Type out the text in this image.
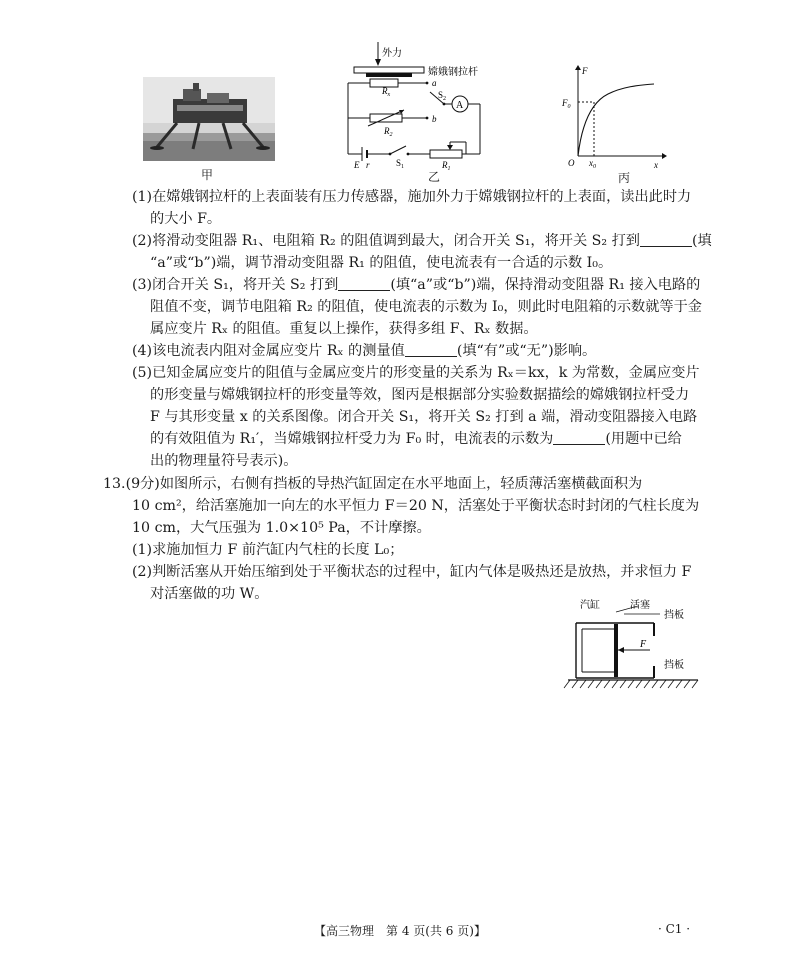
甲
外力
嫦娥钢拉杆
$R_x$
a
$R_2$
b
$S_2$
A
E r	$S_1$	$R_1$
乙
F
x
O
$F_0$
$x_0$
丙
(1)在嫦娥钢拉杆的上表面装有压力传感器，施加外力于嫦娥钢拉杆的上表面，读出此时力
的大小 F。
(2)将滑动变阻器 R₁、电阻箱 R₂ 的阻值调到最大，闭合开关 S₁，将开关 S₂ 打到	(填
“a”或“b”)端，调节滑动变阻器 R₁ 的阻值，使电流表有一合适的示数 I₀。
(3)闭合开关 S₁，将开关 S₂ 打到	(填“a”或“b”)端，保持滑动变阻器 R₁ 接入电路的
阻值不变，调节电阻箱 R₂ 的阻值，使电流表的示数为 I₀，则此时电阻箱的示数就等于金
属应变片 Rₓ 的阻值。重复以上操作，获得多组 F、Rₓ 数据。
(4)该电流表内阻对金属应变片 Rₓ 的测量值	(填“有”或“无”)影响。
(5)已知金属应变片的阻值与金属应变片的形变量的关系为 Rₓ＝kx，k 为常数，金属应变片
的形变量与嫦娥钢拉杆的形变量等效，图丙是根据部分实验数据描绘的嫦娥钢拉杆受力
F 与其形变量 x 的关系图像。闭合开关 S₁，将开关 S₂ 打到 a 端，滑动变阻器接入电路
的有效阻值为 R₁′，当嫦娥钢拉杆受力为 F₀ 时，电流表的示数为	(用题中已给
出的物理量符号表示)。
13.(9分)如图所示，右侧有挡板的导热汽缸固定在水平地面上，轻质薄活塞横截面积为
10 cm²，给活塞施加一向左的水平恒力 F＝20 N，活塞处于平衡状态时封闭的气柱长度为
10 cm，大气压强为 1.0×10⁵ Pa，不计摩擦。
(1)求施加恒力 F 前汽缸内气柱的长度 L₀；
(2)判断活塞从开始压缩到处于平衡状态的过程中，缸内气体是吸热还是放热，并求恒力 F
对活塞做的功 W。
汽缸	活塞
挡板
挡板
F
【高三物理　第 4 页(共 6 页)】	· C1 ·
